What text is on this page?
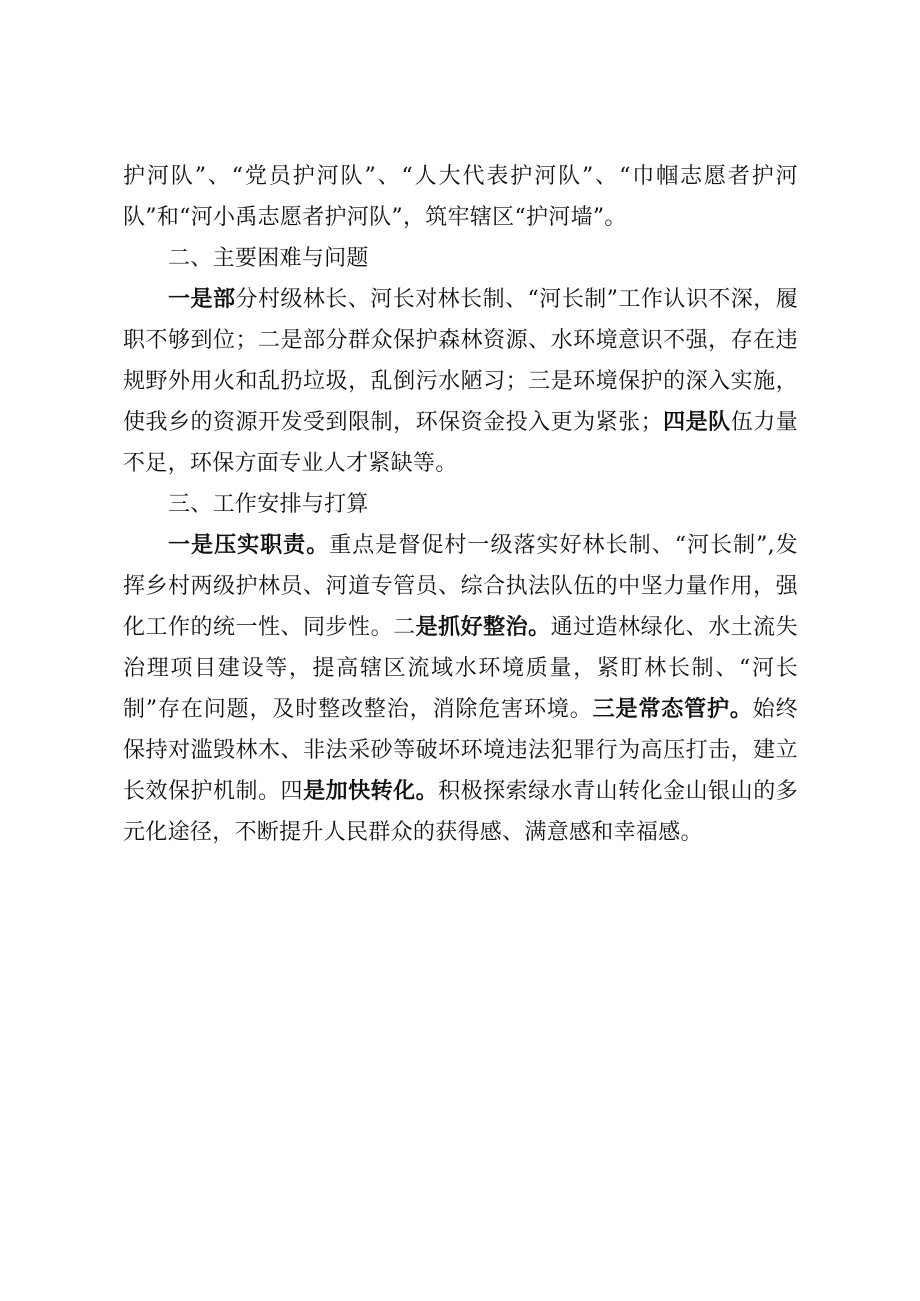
护河队”、“党员护河队”、“人大代表护河队”、“巾帼志愿者护河队”和“河小禹志愿者护河队”，筑牢辖区“护河墙”。

二、主要困难与问题

一是部分村级林长、河长对林长制、“河长制”工作认识不深，履职不够到位；二是部分群众保护森林资源、水环境意识不强，存在违规野外用火和乱扔垃圾，乱倒污水陋习；三是环境保护的深入实施，使我乡的资源开发受到限制，环保资金投入更为紧张；四是队伍力量不足，环保方面专业人才紧缺等。

三、工作安排与打算

一是压实职责。重点是督促村一级落实好林长制、“河长制”,发挥乡村两级护林员、河道专管员、综合执法队伍的中坚力量作用，强化工作的统一性、同步性。二是抓好整治。通过造林绿化、水土流失治理项目建设等，提高辖区流域水环境质量，紧盯林长制、“河长制”存在问题，及时整改整治，消除危害环境。三是常态管护。始终保持对滥毁林木、非法采砂等破坏环境违法犯罪行为高压打击，建立长效保护机制。四是加快转化。积极探索绿水青山转化金山银山的多元化途径，不断提升人民群众的获得感、满意感和幸福感。
